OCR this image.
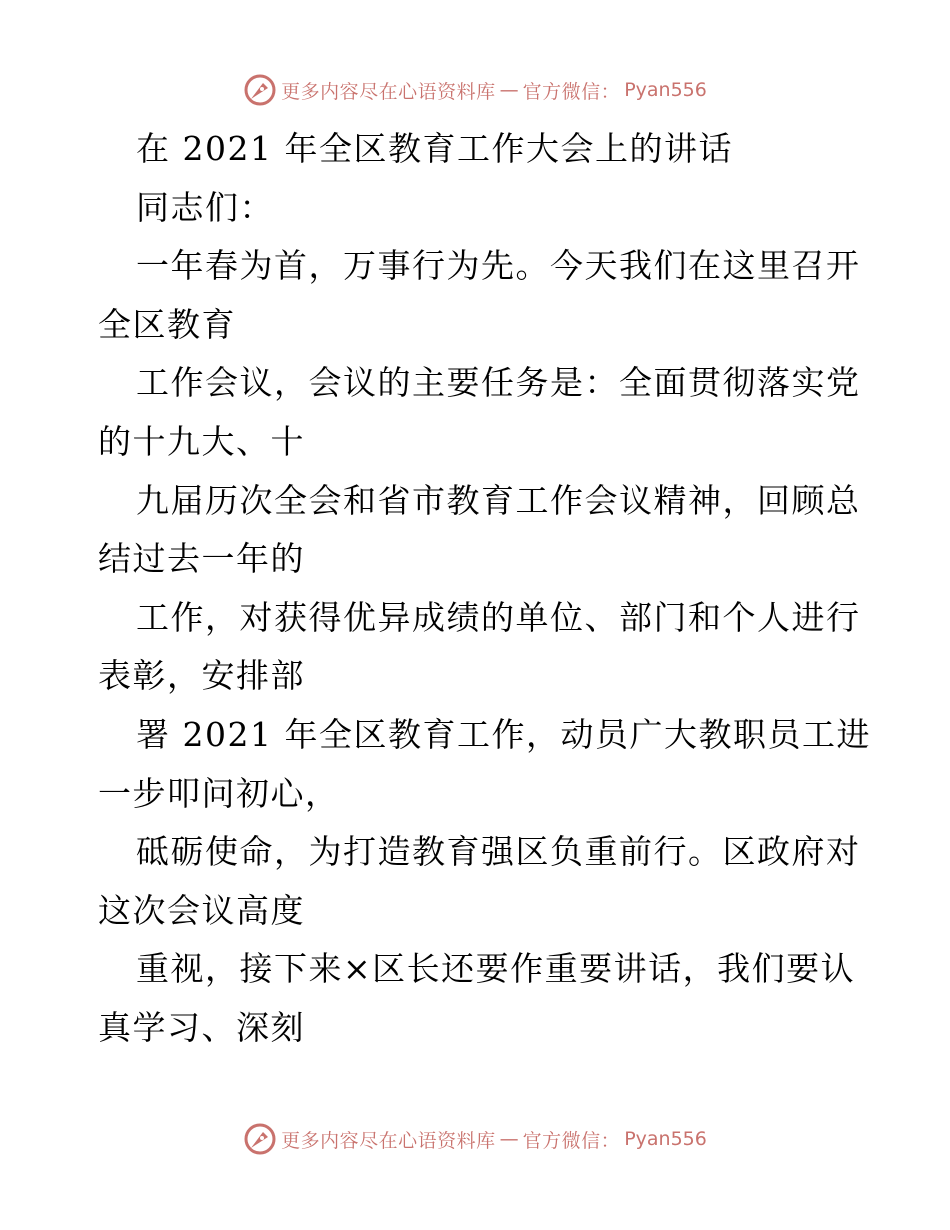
更多内容尽在心语资料库 — 官方微信： Pyan556
在 2021 年全区教育工作大会上的讲话
同志们：
一年春为首，万事行为先。今天我们在这里召开
全区教育
工作会议，会议的主要任务是：全面贯彻落实党
的十九大、十
九届历次全会和省市教育工作会议精神，回顾总
结过去一年的
工作，对获得优异成绩的单位、部门和个人进行
表彰，安排部
署 2021 年全区教育工作，动员广大教职员工进
一步叩问初心，
砥砺使命，为打造教育强区负重前行。区政府对
这次会议高度
重视，接下来×区长还要作重要讲话，我们要认
真学习、深刻
更多内容尽在心语资料库 — 官方微信： Pyan556
